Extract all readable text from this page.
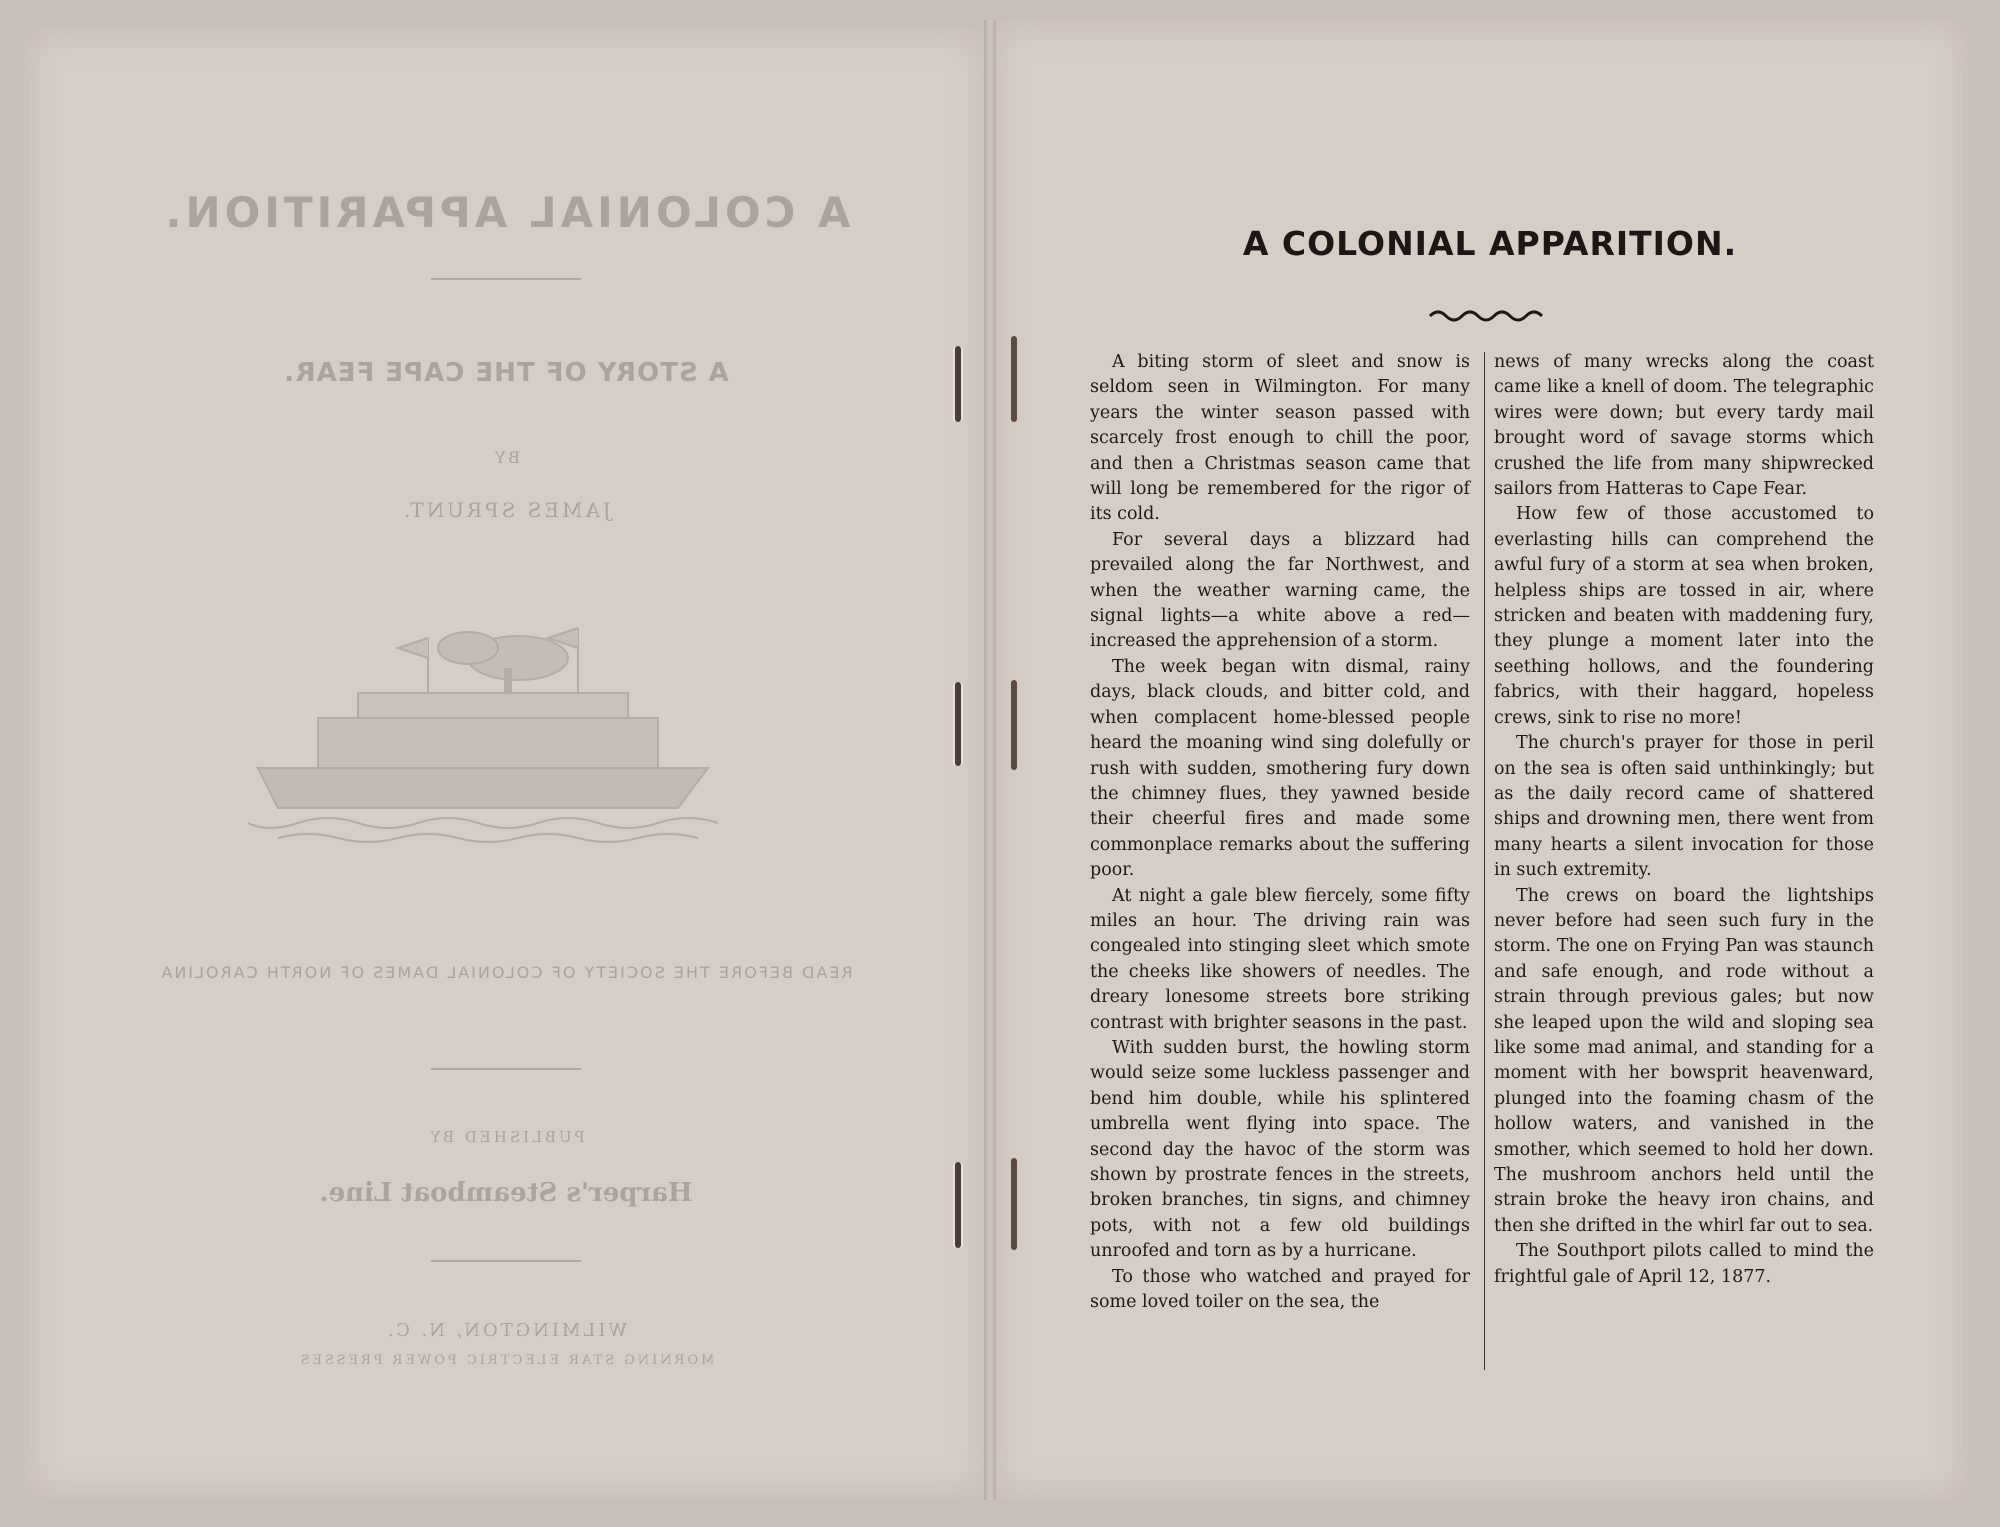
A COLONIAL APPARITION.
A STORY OF THE CAPE FEAR.
BY
JAMES SPRUNT.
READ BEFORE THE SOCIETY OF COLONIAL DAMES OF NORTH CAROLINA
PUBLISHED BY
Harper's Steamboat Line.
WILMINGTON, N. C.
MORNING STAR ELECTRIC POWER PRESSES
A COLONIAL APPARITION.

A biting storm of sleet and snow is seldom seen in Wilmington. For many years the winter season passed with scarcely frost enough to chill the poor, and then a Christmas season came that will long be remembered for the rigor of its cold.

For several days a blizzard had prevailed along the far Northwest, and when the weather warning came, the signal lights—a white above a red—increased the apprehension of a storm.

The week began witn dismal, rainy days, black clouds, and bitter cold, and when complacent home-blessed people heard the moaning wind sing dolefully or rush with sudden, smothering fury down the chimney flues, they yawned beside their cheerful fires and made some commonplace remarks about the suffering poor.

At night a gale blew fiercely, some fifty miles an hour. The driving rain was congealed into stinging sleet which smote the cheeks like showers of needles. The dreary lonesome streets bore striking contrast with brighter seasons in the past.

With sudden burst, the howling storm would seize some luckless passenger and bend him double, while his splintered umbrella went flying into space. The second day the havoc of the storm was shown by prostrate fences in the streets, broken branches, tin signs, and chimney pots, with not a few old buildings unroofed and torn as by a hurricane.

To those who watched and prayed for some loved toiler on the sea, the

news of many wrecks along the coast came like a knell of doom. The telegraphic wires were down; but every tardy mail brought word of savage storms which crushed the life from many shipwrecked sailors from Hatteras to Cape Fear.

How few of those accustomed to everlasting hills can comprehend the awful fury of a storm at sea when broken, helpless ships are tossed in air, where stricken and beaten with maddening fury, they plunge a moment later into the seething hollows, and the foundering fabrics, with their haggard, hopeless crews, sink to rise no more!

The church's prayer for those in peril on the sea is often said unthinkingly; but as the daily record came of shattered ships and drowning men, there went from many hearts a silent invocation for those in such extremity.

The crews on board the lightships never before had seen such fury in the storm. The one on Frying Pan was staunch and safe enough, and rode without a strain through previous gales; but now she leaped upon the wild and sloping sea like some mad animal, and standing for a moment with her bowsprit heavenward, plunged into the foaming chasm of the hollow waters, and vanished in the smother, which seemed to hold her down. The mushroom anchors held until the strain broke the heavy iron chains, and then she drifted in the whirl far out to sea.

The Southport pilots called to mind the frightful gale of April 12, 1877.
